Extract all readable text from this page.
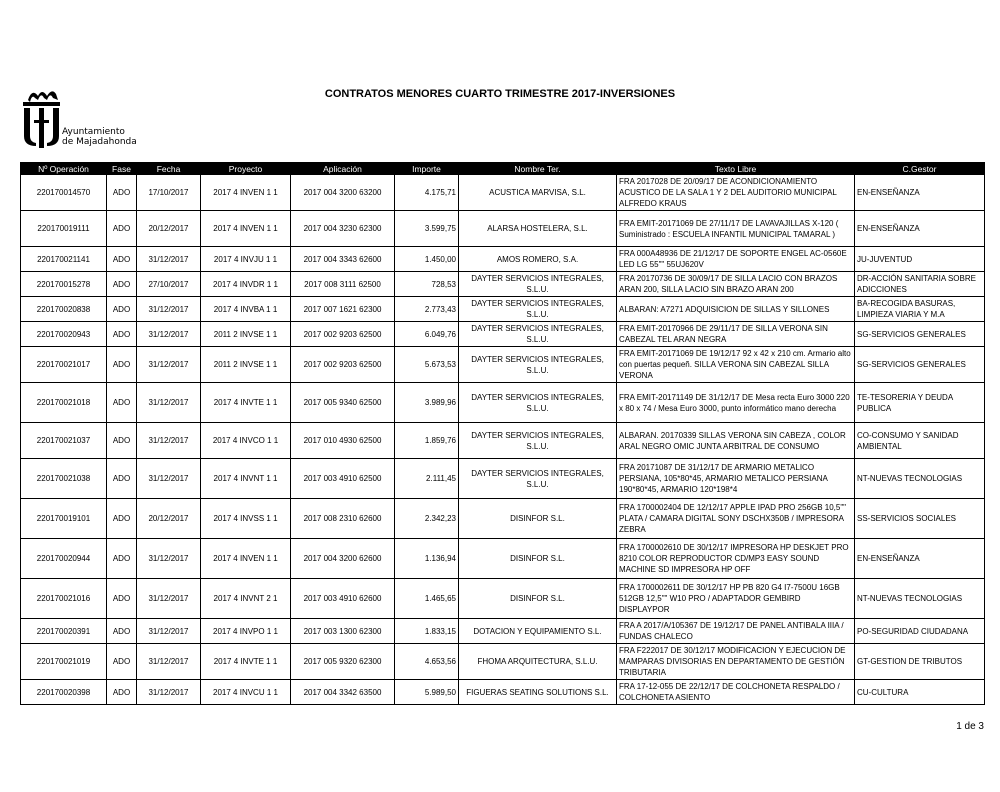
Ayuntamiento
de Majadahonda
CONTRATOS MENORES CUARTO TRIMESTRE 2017-INVERSIONES
Nº Operación	Fase	Fecha	Proyecto	Aplicación	Importe	Nombre Ter.	Texto Libre	C.Gestor
220170014570	ADO	17/10/2017	2017 4 INVEN 1 1	2017 004 3200 63200	4.175,71	ACUSTICA MARVISA, S.L.	FRA 2017028 DE 20/09/17 DE ACONDICIONAMIENTO ACUSTICO DE LA SALA 1 Y 2 DEL AUDITORIO MUNICIPAL ALFREDO KRAUS	EN-ENSEÑANZA
220170019111	ADO	20/12/2017	2017 4 INVEN 1 1	2017 004 3230 62300	3.599,75	ALARSA HOSTELERA, S.L.	FRA EMIT-20171069 DE 27/11/17 DE LAVAVAJILLAS X-120 ( Suministrado : ESCUELA INFANTIL MUNICIPAL TAMARAL )	EN-ENSEÑANZA
220170021141	ADO	31/12/2017	2017 4 INVJU 1 1	2017 004 3343 62600	1.450,00	AMOS ROMERO, S.A.	FRA 000A48936 DE 21/12/17 DE SOPORTE ENGEL AC-0560E LED LG 55"" 55UJ620V	JU-JUVENTUD
220170015278	ADO	27/10/2017	2017 4 INVDR 1 1	2017 008 3111 62500	728,53	DAYTER SERVICIOS INTEGRALES, S.L.U.	FRA 20170736 DE 30/09/17 DE SILLA LACIO CON BRAZOS ARAN 200, SILLA LACIO SIN BRAZO ARAN 200	DR-ACCIÓN SANITARIA SOBRE ADICCIONES
220170020838	ADO	31/12/2017	2017 4 INVBA 1 1	2017 007 1621 62300	2.773,43	DAYTER SERVICIOS INTEGRALES, S.L.U.	ALBARAN: A7271 ADQUISICION DE SILLAS Y SILLONES	BA-RECOGIDA BASURAS, LIMPIEZA VIARIA Y M.A
220170020943	ADO	31/12/2017	2011 2 INVSE 1 1	2017 002 9203 62500	6.049,76	DAYTER SERVICIOS INTEGRALES, S.L.U.	FRA EMIT-20170966 DE 29/11/17 DE SILLA VERONA SIN CABEZAL TEL ARAN NEGRA	SG-SERVICIOS GENERALES
220170021017	ADO	31/12/2017	2011 2 INVSE 1 1	2017 002 9203 62500	5.673,53	DAYTER SERVICIOS INTEGRALES, S.L.U.	FRA EMIT-20171069 DE 19/12/17 92 x 42 x 210 cm. Armario alto con puertas pequeñ. SILLA VERONA SIN CABEZAL SILLA VERONA	SG-SERVICIOS GENERALES
220170021018	ADO	31/12/2017	2017 4 INVTE 1 1	2017 005 9340 62500	3.989,96	DAYTER SERVICIOS INTEGRALES, S.L.U.	FRA EMIT-20171149 DE 31/12/17 DE Mesa recta Euro 3000 220 x 80 x 74 / Mesa Euro 3000, punto informático mano derecha	TE-TESORERIA Y DEUDA PUBLICA
220170021037	ADO	31/12/2017	2017 4 INVCO 1 1	2017 010 4930 62500	1.859,76	DAYTER SERVICIOS INTEGRALES, S.L.U.	ALBARAN. 20170339 SILLAS VERONA SIN CABEZA , COLOR ARAL NEGRO OMIC JUNTA ARBITRAL DE CONSUMO	CO-CONSUMO Y SANIDAD AMBIENTAL
220170021038	ADO	31/12/2017	2017 4 INVNT 1 1	2017 003 4910 62500	2.111,45	DAYTER SERVICIOS INTEGRALES, S.L.U.	FRA 20171087 DE 31/12/17 DE ARMARIO METALICO PERSIANA, 105*80*45, ARMARIO METALICO PERSIANA 190*80*45, ARMARIO 120*198*4	NT-NUEVAS TECNOLOGIAS
220170019101	ADO	20/12/2017	2017 4 INVSS 1 1	2017 008 2310 62600	2.342,23	DISINFOR S.L.	FRA 1700002404 DE 12/12/17 APPLE IPAD PRO 256GB 10,5"" PLATA / CAMARA DIGITAL SONY DSCHX350B / IMPRESORA ZEBRA	SS-SERVICIOS SOCIALES
220170020944	ADO	31/12/2017	2017 4 INVEN 1 1	2017 004 3200 62600	1.136,94	DISINFOR S.L.	FRA 1700002610 DE 30/12/17 IMPRESORA HP DESKJET PRO 8210 COLOR REPRODUCTOR CD/MP3 EASY SOUND MACHINE SD IMPRESORA HP OFF	EN-ENSEÑANZA
220170021016	ADO	31/12/2017	2017 4 INVNT 2 1	2017 003 4910 62600	1.465,65	DISINFOR S.L.	FRA 1700002611 DE 30/12/17 HP PB 820 G4 I7-7500U 16GB 512GB 12,5"" W10 PRO / ADAPTADOR GEMBIRD DISPLAYPOR	NT-NUEVAS TECNOLOGIAS
220170020391	ADO	31/12/2017	2017 4 INVPO 1 1	2017 003 1300 62300	1.833,15	DOTACION Y EQUIPAMIENTO S.L.	FRA A 2017/A/105367 DE 19/12/17 DE PANEL ANTIBALA IIIA / FUNDAS CHALECO	PO-SEGURIDAD CIUDADANA
220170021019	ADO	31/12/2017	2017 4 INVTE 1 1	2017 005 9320 62300	4.653,56	FHOMA ARQUITECTURA, S.L.U.	FRA F222017 DE 30/12/17 MODIFICACION Y EJECUCION DE MAMPARAS DIVISORIAS EN DEPARTAMENTO DE GESTIÓN TRIBUTARIA	GT-GESTION DE TRIBUTOS
220170020398	ADO	31/12/2017	2017 4 INVCU 1 1	2017 004 3342 63500	5.989,50	FIGUERAS SEATING SOLUTIONS S.L.	FRA 17-12-055 DE 22/12/17 DE COLCHONETA RESPALDO / COLCHONETA ASIENTO	CU-CULTURA
1 de 3
